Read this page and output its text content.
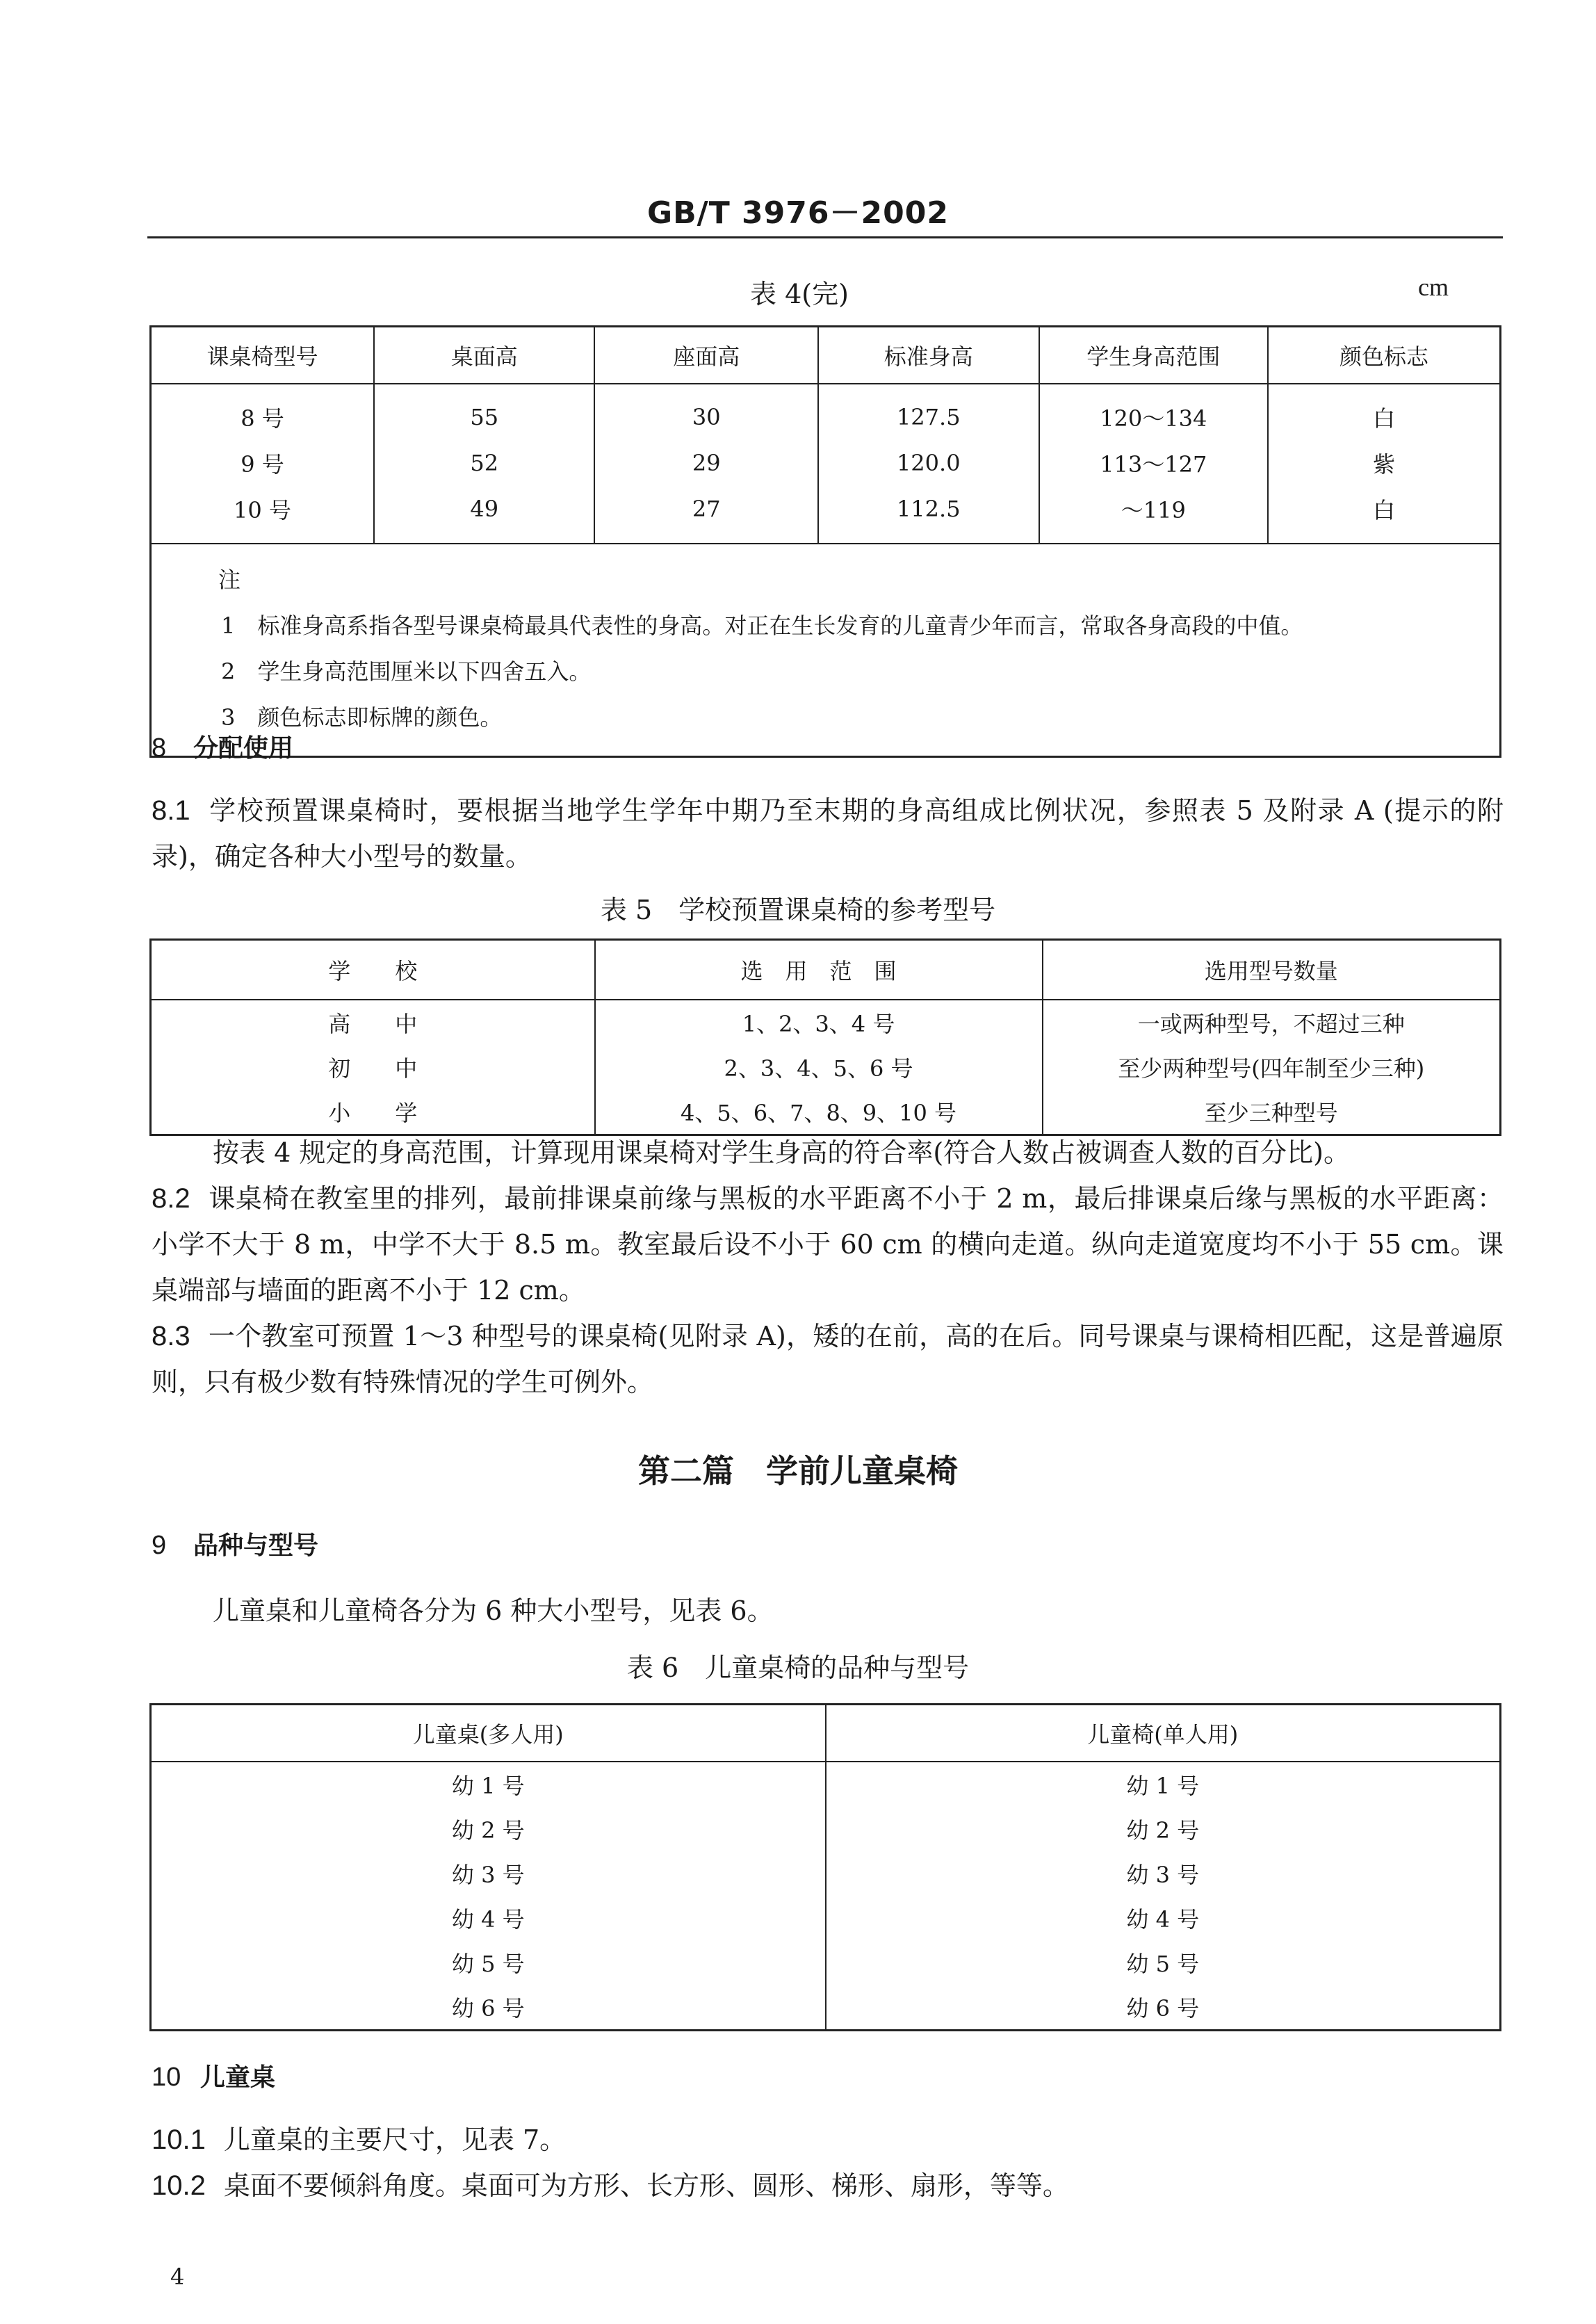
GB/T 3976－2002
表 4(完)	cm
课桌椅型号	桌面高	座面高	标准身高	学生身高范围	颜色标志
8 号	55	30	127.5	120～134	白
9 号	52	29	120.0	113～127	紫
10 号	49	27	112.5	～119	白

注
1　标准身高系指各型号课桌椅最具代表性的身高。对正在生长发育的儿童青少年而言，常取各身高段的中值。
2　学生身高范围厘米以下四舍五入。
3　颜色标志即标牌的颜色。					
8 分配使用
8.1 学校预置课桌椅时，要根据当地学生学年中期乃至末期的身高组成比例状况，参照表 5 及附录 A (提示的附录)，确定各种大小型号的数量。
表 5　学校预置课桌椅的参考型号
学　　校	选　用　范　围	选用型号数量
高　　中	1、2、3、4 号	一或两种型号，不超过三种
初　　中	2、3、4、5、6 号	至少两种型号(四年制至少三种)
小　　学	4、5、6、7、8、9、10 号	至少三种型号
按表 4 规定的身高范围，计算现用课桌椅对学生身高的符合率(符合人数占被调查人数的百分比)。
8.2 课桌椅在教室里的排列，最前排课桌前缘与黑板的水平距离不小于 2 m，最后排课桌后缘与黑板的水平距离：小学不大于 8 m，中学不大于 8.5 m。教室最后设不小于 60 cm 的横向走道。纵向走道宽度均不小于 55 cm。课桌端部与墙面的距离不小于 12 cm。
8.3 一个教室可预置 1～3 种型号的课桌椅(见附录 A)，矮的在前，高的在后。同号课桌与课椅相匹配，这是普遍原则，只有极少数有特殊情况的学生可例外。
第二篇　学前儿童桌椅
9 品种与型号
儿童桌和儿童椅各分为 6 种大小型号，见表 6。
表 6　儿童桌椅的品种与型号
儿童桌(多人用)	儿童椅(单人用)
幼 1 号	幼 1 号
幼 2 号	幼 2 号
幼 3 号	幼 3 号
幼 4 号	幼 4 号
幼 5 号	幼 5 号
幼 6 号	幼 6 号
10 儿童桌
10.1 儿童桌的主要尺寸，见表 7。
10.2 桌面不要倾斜角度。桌面可为方形、长方形、圆形、梯形、扇形，等等。
4
